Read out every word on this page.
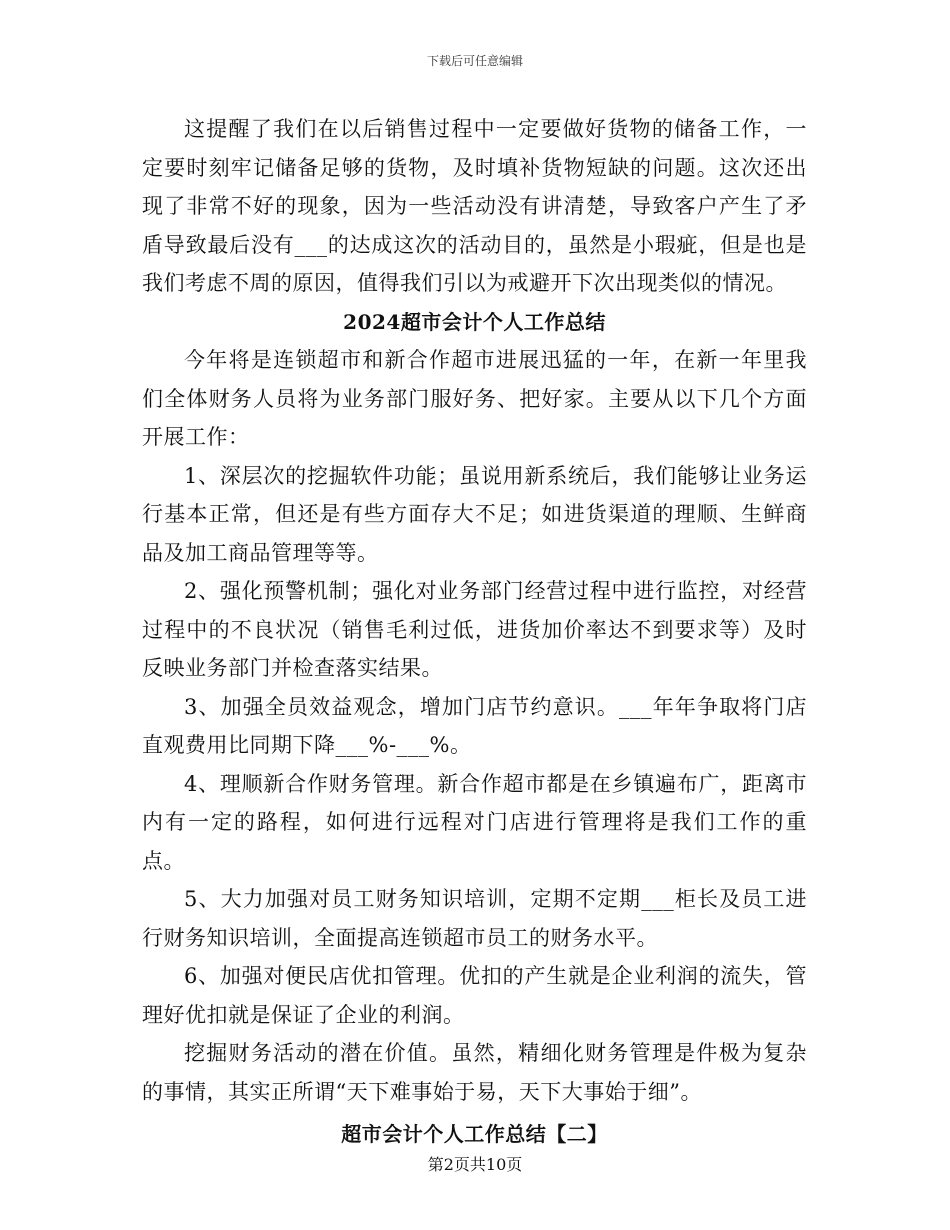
下载后可任意编辑

这提醒了我们在以后销售过程中一定要做好货物的储备工作，一定要时刻牢记储备足够的货物，及时填补货物短缺的问题。这次还出现了非常不好的现象，因为一些活动没有讲清楚，导致客户产生了矛盾导致最后没有___的达成这次的活动目的，虽然是小瑕疵，但是也是我们考虑不周的原因，值得我们引以为戒避开下次出现类似的情况。

2024超市会计个人工作总结

今年将是连锁超市和新合作超市进展迅猛的一年，在新一年里我们全体财务人员将为业务部门服好务、把好家。主要从以下几个方面开展工作：

1、深层次的挖掘软件功能；虽说用新系统后，我们能够让业务运行基本正常，但还是有些方面存大不足；如进货渠道的理顺、生鲜商品及加工商品管理等等。

2、强化预警机制；强化对业务部门经营过程中进行监控，对经营过程中的不良状况（销售毛利过低，进货加价率达不到要求等）及时反映业务部门并检查落实结果。

3、加强全员效益观念，增加门店节约意识。___年年争取将门店直观费用比同期下降___%-___%。

4、理顺新合作财务管理。新合作超市都是在乡镇遍布广，距离市内有一定的路程，如何进行远程对门店进行管理将是我们工作的重点。

5、大力加强对员工财务知识培训，定期不定期___柜长及员工进行财务知识培训，全面提高连锁超市员工的财务水平。

6、加强对便民店优扣管理。优扣的产生就是企业利润的流失，管理好优扣就是保证了企业的利润。

挖掘财务活动的潜在价值。虽然，精细化财务管理是件极为复杂的事情，其实正所谓“天下难事始于易，天下大事始于细”。

超市会计个人工作总结【二】

第2页共10页
